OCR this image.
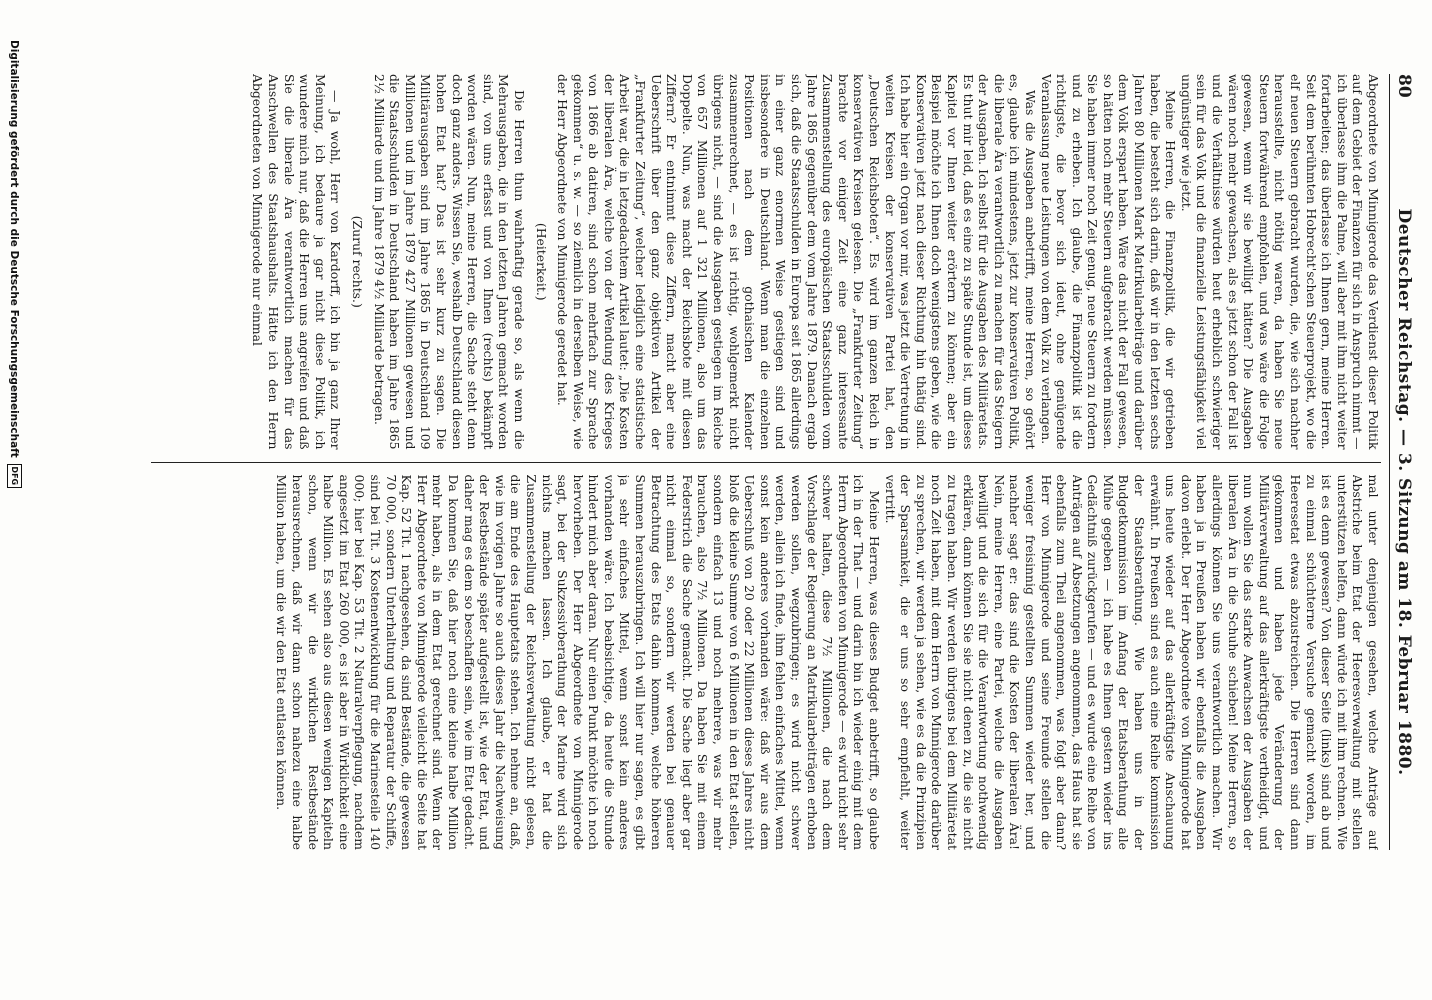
80
Deutscher Reichstag. — 3. Sitzung am 18. Februar 1880.

Abgeordnete von Minnigerode das Verdienst dieser Politik auf dem Gebiet der Finanzen für sich in Anspruch nimmt — ich überlasse ihm die Palme, will aber mit ihm nicht weiter fortarbeiten; das überlasse ich Ihnen gern, meine Herren. Seit dem berühmten Hobrecht'schen Steuerprojekt, wo die elf neuen Steuern gebracht wurden, die, wie sich nachher herausstellte, nicht nöthig waren, da haben Sie neue Steuern fortwährend empfohlen, und was wäre die Folge gewesen, wenn wir sie bewilligt hätten? Die Ausgaben wären noch mehr gewachsen, als es jetzt schon der Fall ist und die Verhältnisse würden heut erheblich schwieriger sein für das Volk und die finanzielle Leistungsfähigkeit viel ungünstiger wie jetzt.

Meine Herren, die Finanzpolitik, die wir getrieben haben, die besteht sich darin, daß wir in den letzten sechs Jahren 80 Millionen Mark Matrikularbeiträge und darüber dem Volk erspart haben. Wäre das nicht der Fall gewesen, so hätten noch mehr Steuern aufgebracht werden müssen. Sie haben immer noch Zeit genug, neue Steuern zu fordern und zu erheben. Ich glaube, die Finanzpolitik ist die richtigste, die bevor sich ideut, ohne genügende Veranlassung neue Leistungen von dem Volk zu verlangen.

Was die Ausgaben anbetrifft, meine Herren, so gehört es, glaube ich mindestens, jetzt zur konservativen Politik, die liberale Ära verantwortlich zu machen für das Steigern der Ausgaben. Ich selbst für die Ausgaben des Militäretats. Es thut mir leid, daß es eine zu späte Stunde ist, um dieses Kapitel vor Ihnen weiter erörtern zu können; aber ein Beispiel möchte ich Ihnen doch wenigstens geben, wie die Konservativen jetzt nach dieser Richtung hin thätig sind. Ich habe hier ein Organ vor mir, was jetzt die Vertretung in weiten Kreisen der konservativen Partei hat, den „Deutschen Reichsboten“. Es wird im ganzen Reich in konservativen Kreisen gelesen. Die „Frankfurter Zeitung“ brachte vor einiger Zeit eine ganz interessante Zusammenstellung des europäischen Staatsschulden vom Jahre 1865 gegenüber dem vom Jahre 1879. Danach ergab sich, daß die Staatsschulden in Europa seit 1865 allerdings in einer ganz enormen Weise gestiegen sind und insbesondere in Deutschland. Wenn man die einzelnen Positionen nach dem gothaischen Kalender zusammenrechnet, — es ist richtig, wohlgemerkt nicht übrigens nicht, — sind die Ausgaben gestiegen im Reiche von 657 Millionen auf 1 321 Millionen, also um das Doppelte. Nun, was macht der Reichsbote mit diesen Ziffern? Er entnimmt diese Ziffern, macht aber eine Ueberschrift über den ganz objektiven Artikel der „Frankfurter Zeitung“, welcher lediglich eine statistische Arbeit war, die in letzgedachtem Artikel lautet: „Die Kosten der liberalen Ära, welche von der Wendung des Krieges von 1866 ab datiren, sind schon mehrfach zur Sprache gekommen“ u. s. w. — so ziemlich in derselben Weise, wie der Herr Abgeordnete von Minnigerode geredet hat.

(Heiterkeit.)

Die Herren thun wahrhaftig gerade so, als wenn die Mehrausgaben, die in den letzten Jahren gemacht worden sind, von uns erfasst und von Ihnen (rechts) bekämpft worden wären. Nun, meine Herren, die Sache steht denn doch ganz anders. Wissen Sie, weshalb Deutschland diesen hohen Etat hat? Das ist sehr kurz zu sagen. Die Militärausgaben sind im Jahre 1865 in Deutschland 109 Millionen und im Jahre 1879 427 Millionen gewesen und die Staatsschulden in Deutschland haben im Jahre 1865 2½ Milliarde und im Jahre 1879 4½ Milliarde betragen.

(Zuruf rechts.)

— Ja wohl, Herr von Kardorff, ich bin ja ganz Ihrer Meinung, ich bedaure ja gar nicht diese Politik, ich wundere mich nur, daß die Herren uns angreifen und daß Sie die liberale Ära verantwortlich machen für das Anschwellen des Staatshaushalts. Hätte ich den Herrn Abgeordneten von Minnigerode nur einmal

mal unter denjenigen gesehen, welche Anträge auf Abstriche beim Etat der Heeresverwaltung mit stellen unterstützen helfen, dann würde ich mit ihm rechnen. Wie ist es denn gewesen? Von dieser Seite (links) sind ab und zu einmal schüchterne Versuche gemacht worden, im Heeresetat etwas abzustreichen. Die Herren sind dann gekommen und haben jede Veränderung der Militärverwaltung auf das allerkräftigste vertheidigt, und nun wollen Sie das starke Anwachsen der Ausgaben der liberalen Ära in die Schuhe schieben! Meine Herren, so allerdings können Sie uns verantwortlich machen. Wir haben ja in Preußen haben wir ebenfalls die Ausgaben davon erlebt. Der Herr Abgeordnete von Minnigerode hat uns heute wieder auf das allerkräftigste Anschauung erwähnt. In Preußen sind es auch eine Reihe kommission der Staatsberathung. Wie haben uns in der Budgetkommission im Anfang der Etatsberathung alle Mühe gegeben — ich habe es Ihnen gestern wieder ins Gedächtniß zurückgerufen — und es wurde eine Reihe von Anträgen auf Absetzungen angenommen, das Haus hat sie ebenfalls zum Theil angenommen, was folgt aber dann? Herr von Minnigerode und seine Freunde stellen die weniger freisinnig gestellten Summen wieder her, und nachher sagt er: das sind die Kosten der liberalen Ära! Nein, meine Herren, eine Partei, welche die Ausgaben bewilligt und die sich für die Verantwortung nothwendig erklären, dann können Sie sie nicht denen zu, die sie nicht zu tragen haben. Wir werden übrigens bei dem Militäretat noch Zeit haben, mit dem Herrn von Minnigerode darüber zu sprechen, wir werden ja sehen, wie es da die Prinzipien der Sparsamkeit, die er uns so sehr empfiehlt, weiter vertritt.

Meine Herren, was dieses Budget anbetrifft, so glaube ich in der That — und darin bin ich wieder einig mit dem Herrn Abgeordneten von Minnigerode — es wird nicht sehr schwer halten, diese 7½ Millionen, die nach dem Vorschlage der Regierung an Matrikularbeiträgen erhoben werden sollen, wegzubringen; es wird nicht schwer werden, allein ich finde, ihm fehlen einfaches Mittel, wenn sonst kein anderes vorhanden wäre: daß wir aus dem Ueberschuß von 20 oder 22 Millionen dieses Jahres nicht bloß die kleine Summe von 6 Millionen in den Etat stellen, sondern einfach 13 und noch mehrere, was wir mehr brauchen, also 7½ Millionen. Da haben Sie mit einem Federstrich die Sache gemacht. Die Sache liegt aber gar nicht einmal so, sondern wir werden bei genauer Betrachtung des Etats dahin kommen, welche höheren Summen herauszubringen. Ich will hier nur sagen, es gibt ja sehr einfaches Mittel, wenn sonst kein anderes vorhanden wäre. Ich beabsichtige, da heute die Stunde hindert mich aber daran. Nur einen Punkt möchte ich noch hervorheben. Der Herr Abgeordnete von Minnigerode sagt, bei der Sukzessivberathung der Marine wird sich nichts machen lassen. Ich glaube, er hat die Zusammenstellung der Reichsverwaltung nicht gelesen, die am Ende des Hauptetats stehen. Ich nehme an, daß, wie im vorigen Jahre so auch dieses Jahr die Nachweisung der Restbestände später aufgestellt ist, wie der Etat, und daher mag es dem so beschaffen sein, wie im Etat gedacht. Da kommen Sie, daß hier noch eine kleine halbe Million mehr haben, als in dem Etat gerechnet sind. Wenn der Herr Abgeordnete von Minnigerode vielleicht die Seite hat Kap. 52 Tit. 1 nachgesehen, da sind Bestände, die gewesen 70 000, sondern Unterhaltung und Reparatur der Schiffe, sind bei Tit. 3 Kostenentwicklung für die Marinesteile 140 000; hier bei Kap. 53 Tit. 2 Naturalverpflegung, nachdem angesetzt im Etat 260 000, es ist aber in Wirklichkeit eine halbe Million. Es sehen also aus diesen wenigen Kapiteln schon, wenn wir die wirklichen Restbestände herausrechnen, daß wir dann schon nahezu eine halbe Million haben, um die wir den Etat entlasten können.

Digitalisierung gefördert durch die Deutsche Forschungsgemeinschaft
DFG
